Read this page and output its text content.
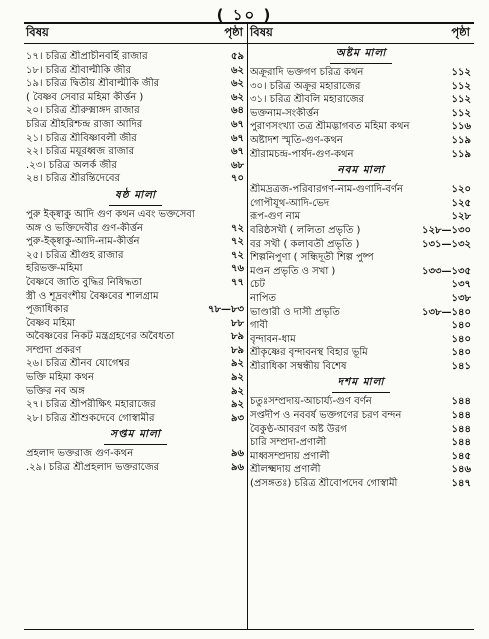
( ১০ )
বিষয়	পৃষ্ঠা
১৭। চরিত্র শ্রীপ্রাচীনবর্হি রাজার	৫৯
১৮। চরিত্র শ্রীবাল্মীকি জীর	৬২
১৯। চরিত্র দ্বিতীয় শ্রীবাল্মীকি জীর	৬২
( বৈষ্ণব সেবার মহিমা কীর্ত্তন )	৬২
২০। চরিত্র শ্রীরুক্মাঙ্গদ রাজার	৬৪
চরিত্র শ্রীহরিশ্চন্দ্র রাজা আদির	৬৭
২১। চরিত্র শ্রীবিষ্ণাবলী জীর	৬৭
২২। চরিত্র ময়ূরধ্বজ রাজার	৬৭
.২৩। চরিত্র অলর্ক জীর	৬৮
২৪। চরিত্র শ্রীরন্তিদেবের	৭০
ষষ্ঠ মালা
পুরু ইক্ষ্বাকু আদি গুণ কথন এবং ভক্তসেবা
অঙ্গ ও ভক্তিদেবীর গুণ-কীর্ত্তন	৭২
পুরু-ইক্ষ্বাকু-আদি-নাম-কীর্ত্তন	৭২
২৫। চরিত্র শ্রীগুহ রাজার	৭২
হরিভক্ত-মহিমা	৭৬
বৈষ্ণবে জাতি বুদ্ধির নিষিদ্ধতা	৭৭
স্ত্রী ও শূদ্রবংশীয় বৈষ্ণবের শালগ্রাম
পূজাধিকার	৭৮—৮৩
বৈষ্ণব মহিমা	৮৮
অবৈষ্ণবের নিকট মন্ত্রগ্রহণের অবৈধতা	৮৯
সম্প্রদা প্রকরণ	৮৯
২৬। চরিত্র শ্রীনব যোগেশ্বর	৯২
ভক্তি মহিমা কথন	৯২
ভক্তির নব অঙ্গ	৯২
২৭। চরিত্র শ্রীপরীক্ষিৎ মহারাজের	৯২
২৮। চরিত্র শ্রীশুকদেবে গোস্বামীর	৯৩
সপ্তম মালা
প্রহলাদ ভক্তরাজ গুণ-কথন	৯৬
.২৯। চরিত্র শ্রীপ্রহলাদ ভক্তরাজের	৯৬
বিষয়	পৃষ্ঠা
অষ্টম মালা
অক্রূরাদি ভক্তগণ চরিত্র কথন	১১২
৩০। চরিত্র অক্রূর মহারাজের	১১২
৩১। চরিত্র শ্রীবলি মহারাজের	১১২
ভক্তনাম-সংকীর্ত্তন	১১২
পুরাণসংখ্যা তত্র শ্রীমদ্ভাগবত মহিমা কথন	১১৬
অষ্টাদশ স্মৃতি-গুণ-কথন	১১৯
শ্রীরামচন্দ্র-পার্ষদ-গুণ-কথন	১১৯
নবম মালা
শ্রীমদ্রত্রজ-পরিবারগণ-নাম-গুণাদি-বর্ণন	১২০
গোপীযূথ-আদি-ভেদ	১২৫
রূপ-গুণ নাম	১২৮
বরিষ্ঠসখী ( ললিতা প্রভৃতি )	১২৮—১৩০
বর সখী ( কলাবতী প্রভৃতি )	১৩১—১৩২
শিল্পনিপুণা ( সন্ধিদূতী শিল্প পুষ্প
মণ্ডন প্রভৃতি ও সখা )	১৩৩—১৩৫
চেট	১৩৭
নাপিত	১৩৮
ভাণ্ডারী ও দাসী প্রভৃতি	১৩৮—১৪০
গাবী	১৪০
বৃন্দাবন-ধাম	১৪০
শ্রীকৃষ্ণের বৃন্দাবনস্থ বিহার ভূমি	১৪০
শ্রীরাধিকা সম্বন্ধীয় বিশেষ	১৪১
দশম মালা
চতুঃসম্প্রদায়-আচার্য্য-গুণ বর্ণন	১৪৪
সপ্তদীপ ও নববর্ষ ভক্তগণের চরণ বন্দন	১৪৪
বৈকুণ্ঠ-আবরণ অষ্ট উরগ	১৪৪
চারি সম্প্রদা-প্রণালী	১৪৪
মাধ্বসম্প্রদায় প্রণালী	১৪৫
শ্রীলক্ষ্মদায় প্রণালী	১৪৬
(প্রসঙ্গতঃ) চরিত্র শ্রীবোপদেব গোস্বামী	১৪৭
